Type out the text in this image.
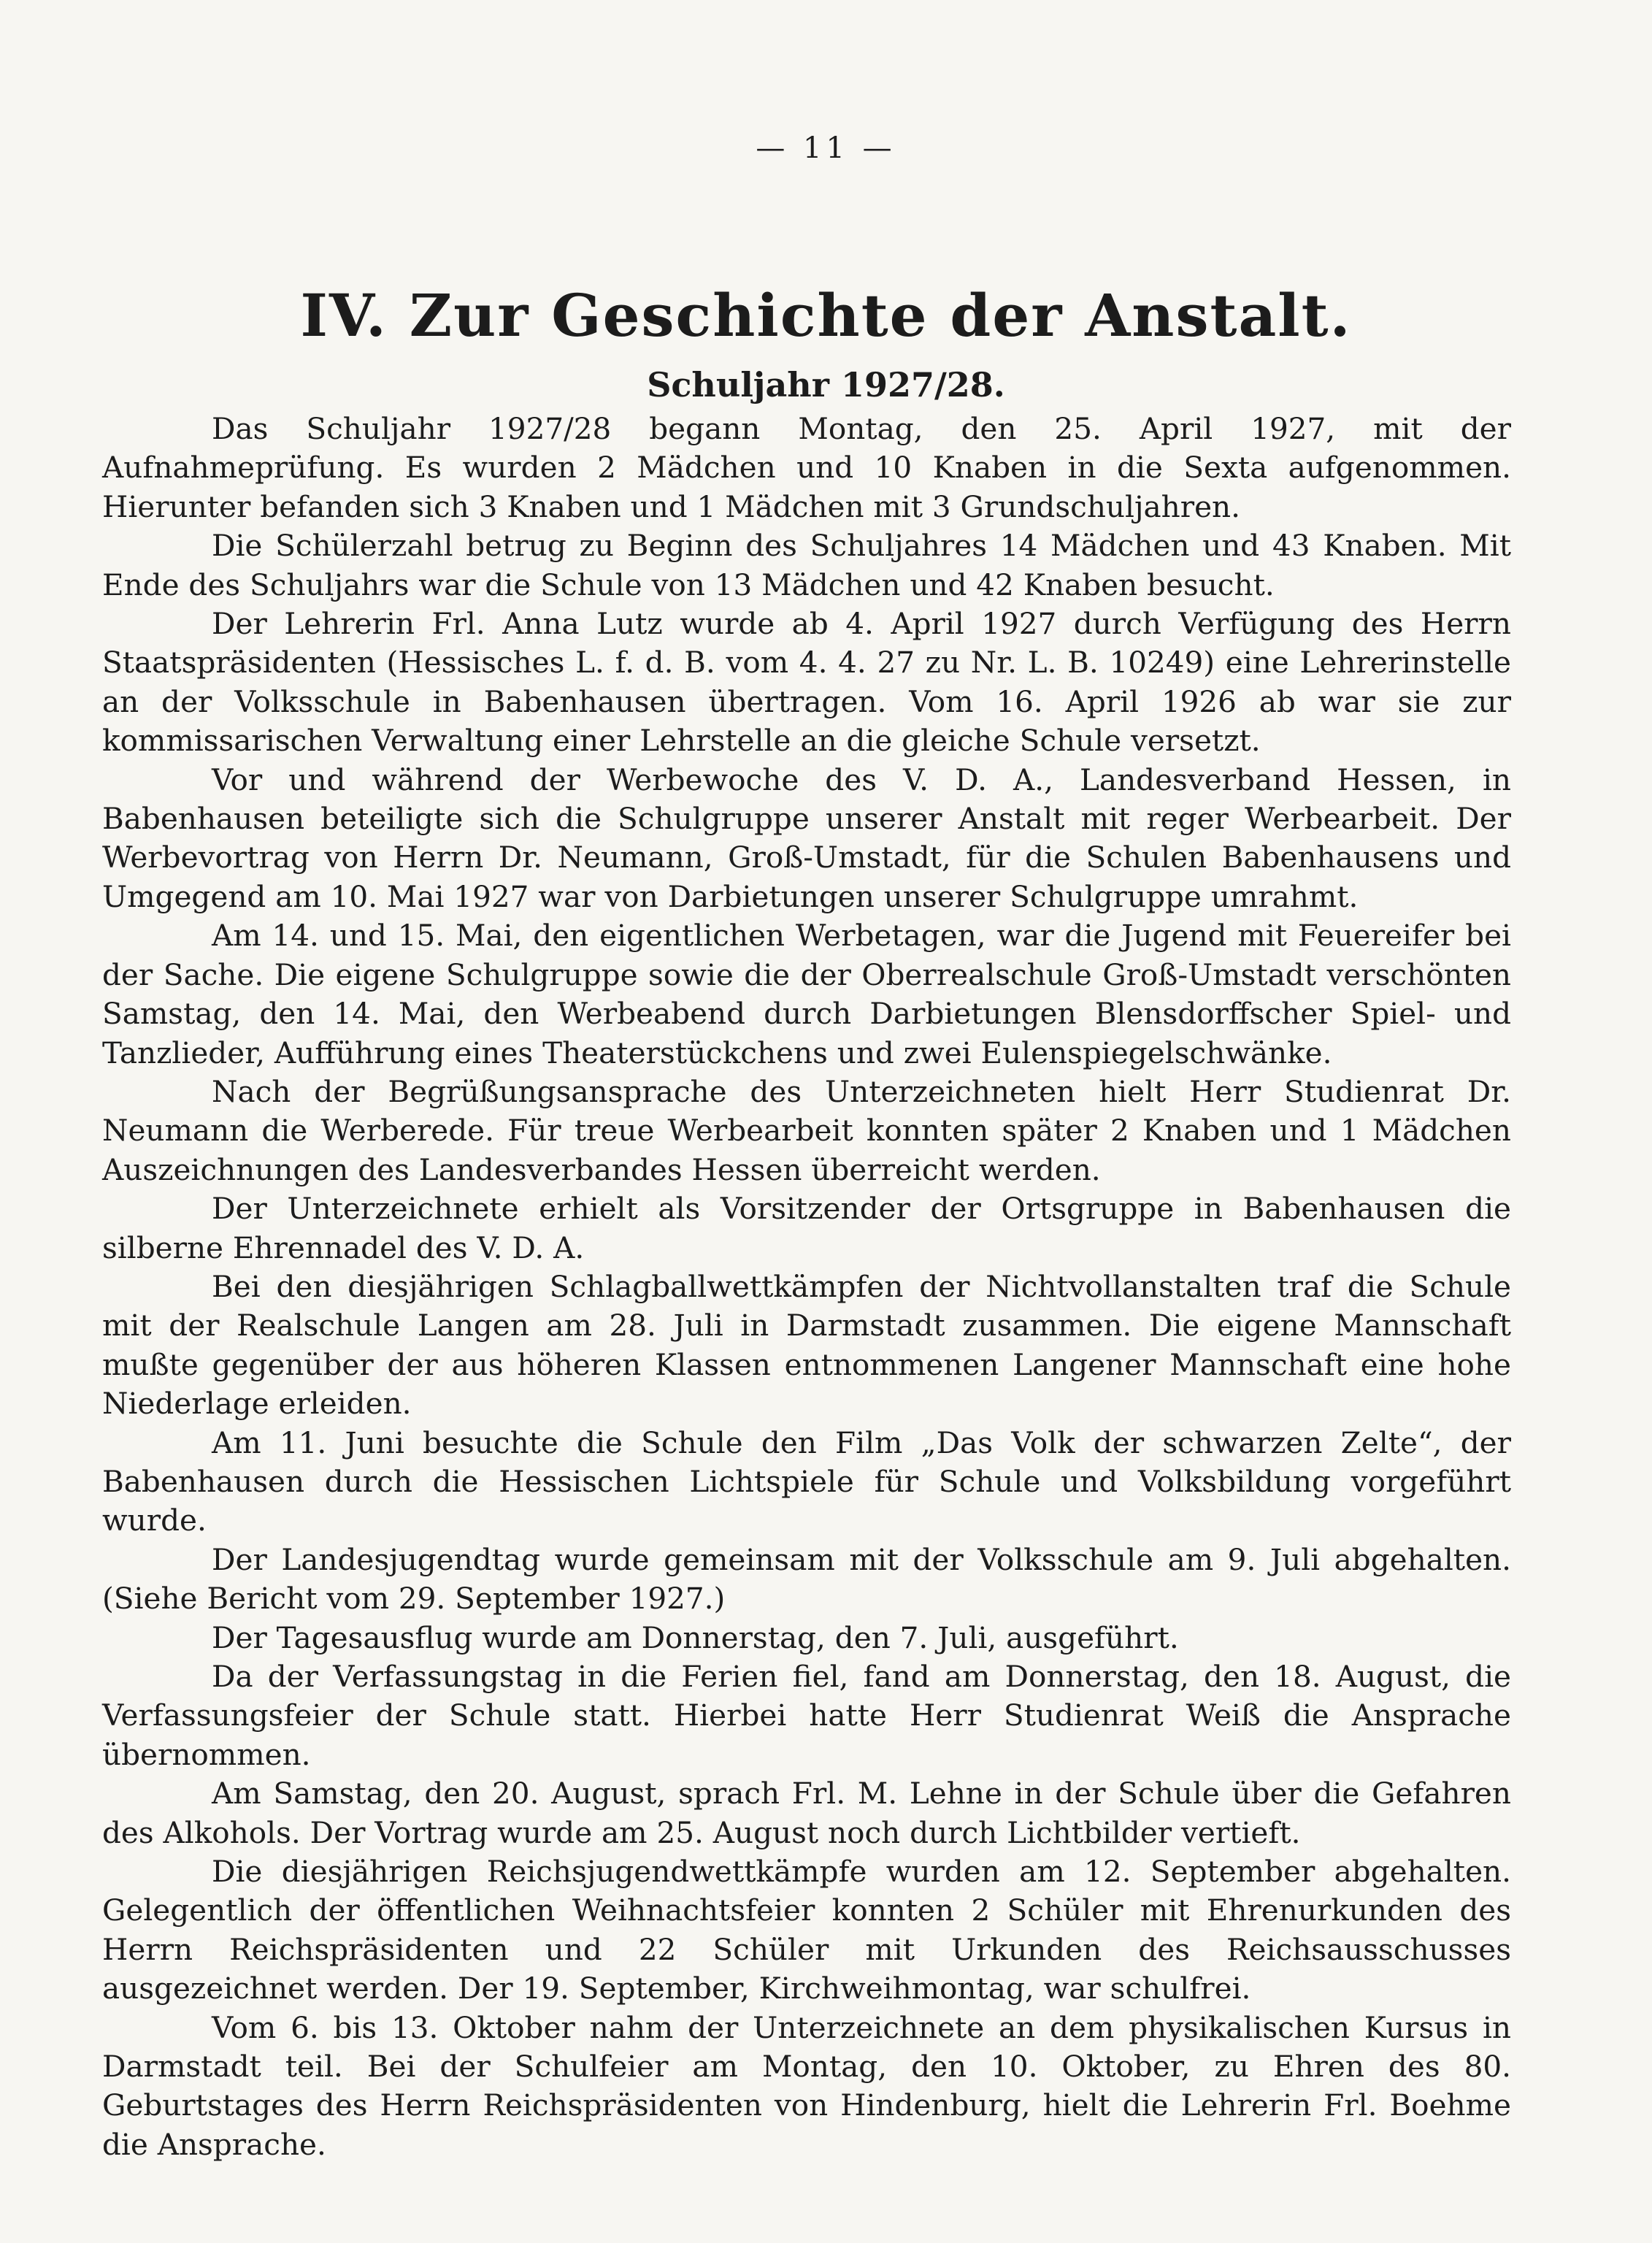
— 11 —
IV. Zur Geschichte der Anstalt.
Schuljahr 1927/28.

Das Schuljahr 1927/28 begann Montag, den 25. April 1927, mit der Aufnahmeprüfung. Es wurden 2 Mädchen und 10 Knaben in die Sexta aufgenommen. Hierunter befanden sich 3 Knaben und 1 Mädchen mit 3 Grundschuljahren.

Die Schülerzahl betrug zu Beginn des Schuljahres 14 Mädchen und 43 Knaben. Mit Ende des Schuljahrs war die Schule von 13 Mädchen und 42 Knaben besucht.

Der Lehrerin Frl. Anna Lutz wurde ab 4. April 1927 durch Verfügung des Herrn Staatspräsidenten (Hessisches L. f. d. B. vom 4. 4. 27 zu Nr. L. B. 10249) eine Lehrerinstelle an der Volksschule in Babenhausen übertragen. Vom 16. April 1926 ab war sie zur kommissarischen Verwaltung einer Lehrstelle an die gleiche Schule versetzt.

Vor und während der Werbewoche des V. D. A., Landesverband Hessen, in Babenhausen beteiligte sich die Schulgruppe unserer Anstalt mit reger Werbearbeit. Der Werbevortrag von Herrn Dr. Neumann, Groß-Umstadt, für die Schulen Babenhausens und Umgegend am 10. Mai 1927 war von Darbietungen unserer Schulgruppe umrahmt.

Am 14. und 15. Mai, den eigentlichen Werbetagen, war die Jugend mit Feuereifer bei der Sache. Die eigene Schulgruppe sowie die der Oberrealschule Groß-Umstadt verschönten Samstag, den 14. Mai, den Werbeabend durch Darbietungen Blensdorffscher Spiel- und Tanzlieder, Aufführung eines Theaterstückchens und zwei Eulenspiegelschwänke.

Nach der Begrüßungsansprache des Unterzeichneten hielt Herr Studienrat Dr. Neumann die Werberede. Für treue Werbearbeit konnten später 2 Knaben und 1 Mädchen Auszeichnungen des Landesverbandes Hessen überreicht werden.

Der Unterzeichnete erhielt als Vorsitzender der Ortsgruppe in Babenhausen die silberne Ehrennadel des V. D. A.

Bei den diesjährigen Schlagballwettkämpfen der Nichtvollanstalten traf die Schule mit der Realschule Langen am 28. Juli in Darmstadt zusammen. Die eigene Mannschaft mußte gegenüber der aus höheren Klassen entnommenen Langener Mannschaft eine hohe Niederlage erleiden.

Am 11. Juni besuchte die Schule den Film „Das Volk der schwarzen Zelte“, der Babenhausen durch die Hessischen Lichtspiele für Schule und Volksbildung vorgeführt wurde.

Der Landesjugendtag wurde gemeinsam mit der Volksschule am 9. Juli abgehalten. (Siehe Bericht vom 29. September 1927.)

Der Tagesausflug wurde am Donnerstag, den 7. Juli, ausgeführt.

Da der Verfassungstag in die Ferien fiel, fand am Donnerstag, den 18. August, die Verfassungsfeier der Schule statt. Hierbei hatte Herr Studienrat Weiß die Ansprache übernommen.

Am Samstag, den 20. August, sprach Frl. M. Lehne in der Schule über die Gefahren des Alkohols. Der Vortrag wurde am 25. August noch durch Lichtbilder vertieft.

Die diesjährigen Reichsjugendwettkämpfe wurden am 12. September abgehalten. Gelegentlich der öffentlichen Weihnachtsfeier konnten 2 Schüler mit Ehrenurkunden des Herrn Reichspräsidenten und 22 Schüler mit Urkunden des Reichsausschusses ausgezeichnet werden. Der 19. September, Kirchweihmontag, war schulfrei.

Vom 6. bis 13. Oktober nahm der Unterzeichnete an dem physikalischen Kursus in Darmstadt teil. Bei der Schulfeier am Montag, den 10. Oktober, zu Ehren des 80. Geburtstages des Herrn Reichspräsidenten von Hindenburg, hielt die Lehrerin Frl. Boehme die Ansprache.
